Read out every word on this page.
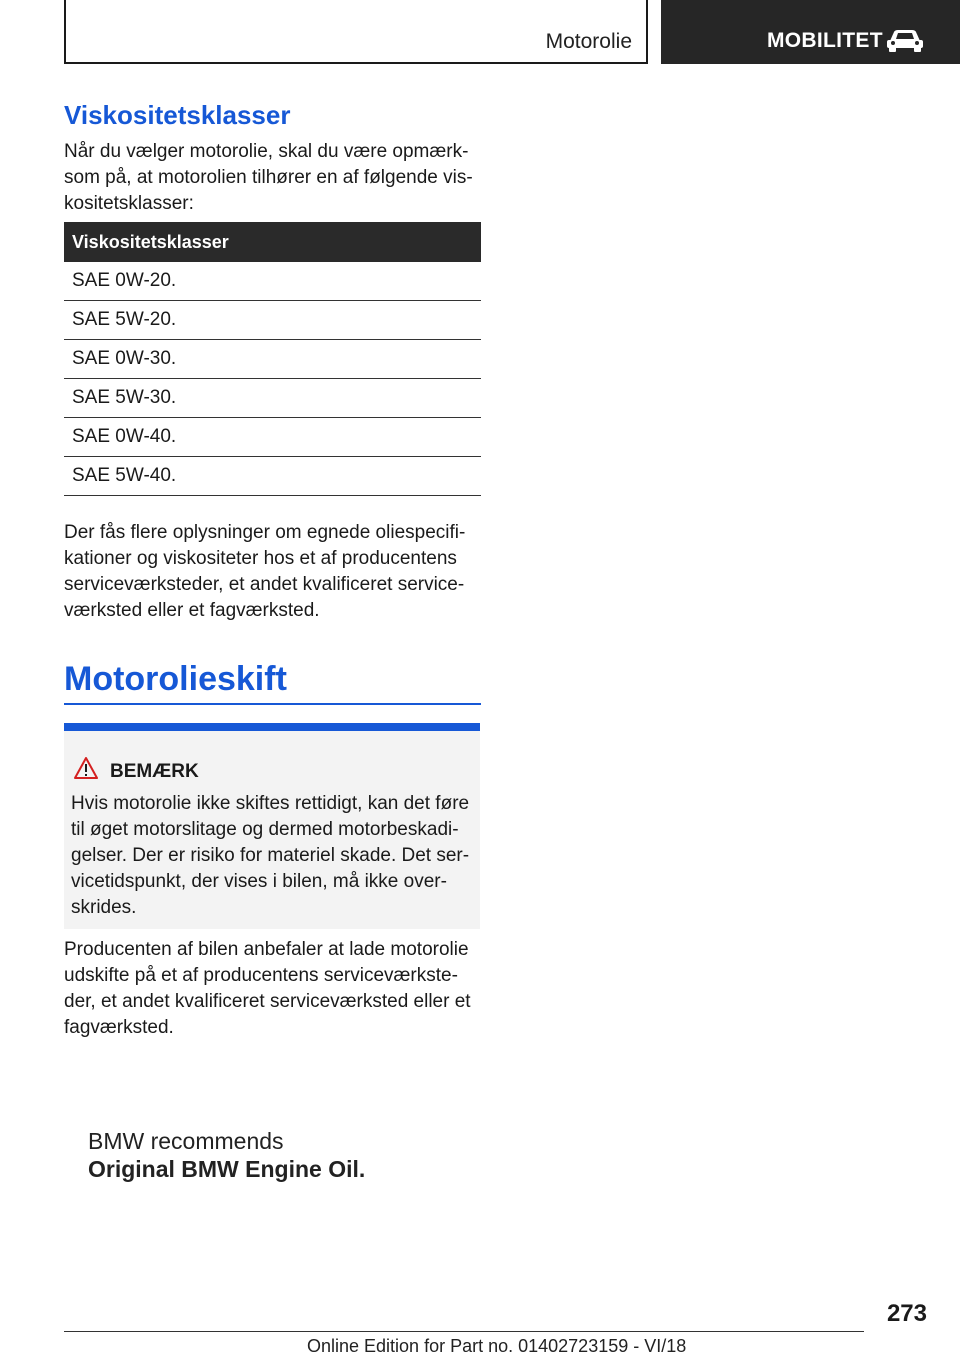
Motorolie	MOBILITET
Viskositetsklasser

Når du vælger motorolie, skal du være opmærk-som på, at motorolien tilhører en af følgende vis-kositetsklasser:

Viskositetsklasser
SAE 0W-20.
SAE 5W-20.
SAE 0W-30.
SAE 5W-30.
SAE 0W-40.
SAE 5W-40.

Der fås flere oplysninger om egnede oliespecifi-kationer og viskositeter hos et af producentens serviceværksteder, et andet kvalificeret service-værksted eller et fagværksted.

Motorolieskift
BEMÆRK

Hvis motorolie ikke skiftes rettidigt, kan det føre til øget motorslitage og dermed motorbeskadi-gelser. Der er risiko for materiel skade. Det ser-vicetidspunkt, der vises i bilen, må ikke over-skrides.

Producenten af bilen anbefaler at lade motorolie udskifte på et af producentens serviceværkste-der, et andet kvalificeret serviceværksted eller et fagværksted.

BMW recommends
Original BMW Engine Oil.
273
Online Edition for Part no. 01402723159 - VI/18
